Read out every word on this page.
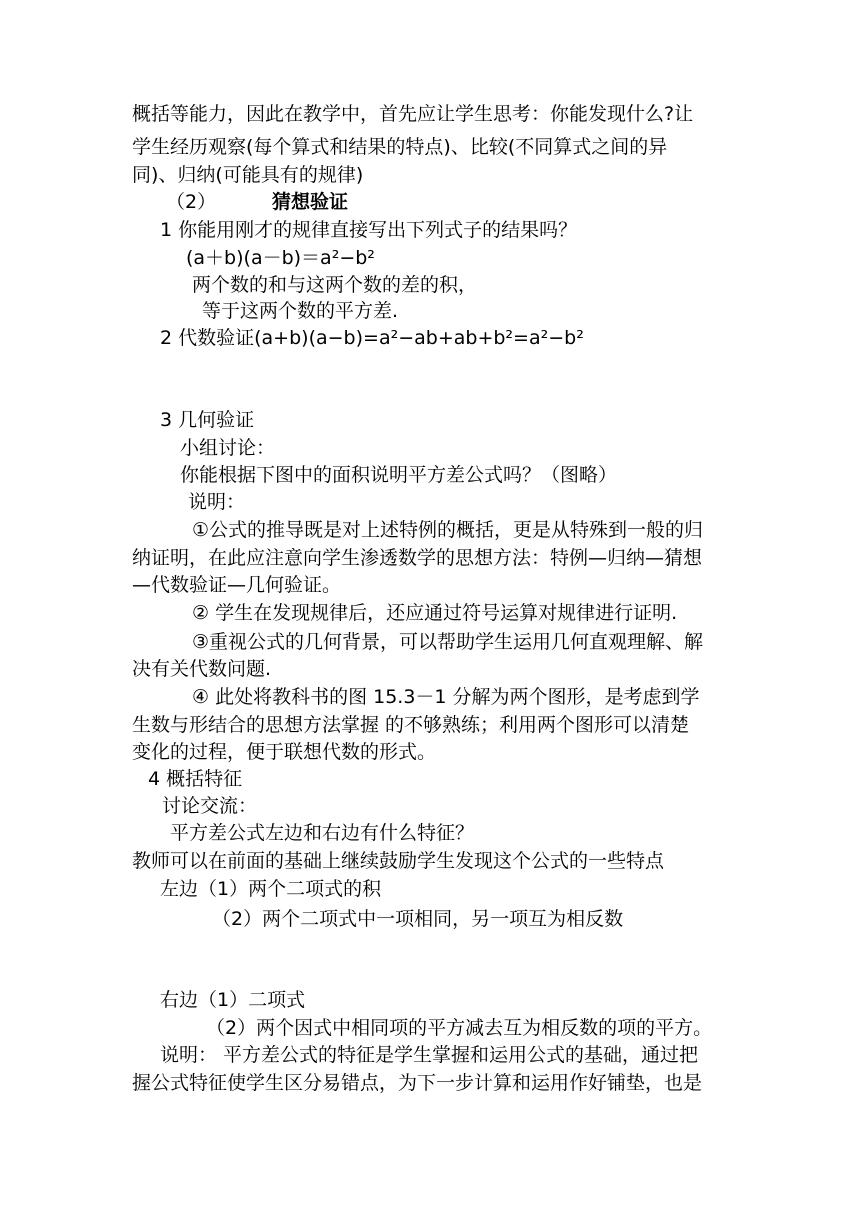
概括等能力，因此在教学中，首先应让学生思考：你能发现什么?让
学生经历观察(每个算式和结果的特点)、比较(不同算式之间的异
同)、归纳(可能具有的规律)
（2）	猜想验证
1 你能用刚才的规律直接写出下列式子的结果吗？
(a＋b)(a－b)＝a²−b²
两个数的和与这两个数的差的积，
等于这两个数的平方差.
2 代数验证(a+b)(a−b)=a²−ab+ab+b²=a²−b²
3 几何验证
小组讨论：
你能根据下图中的面积说明平方差公式吗？（图略）
说明：
①公式的推导既是对上述特例的概括，更是从特殊到一般的归
纳证明，在此应注意向学生渗透数学的思想方法：特例—归纳—猜想
—代数验证—几何验证。
② 学生在发现规律后，还应通过符号运算对规律进行证明.
③重视公式的几何背景，可以帮助学生运用几何直观理解、解
决有关代数问题.
④ 此处将教科书的图 15.3－1 分解为两个图形，是考虑到学
生数与形结合的思想方法掌握 的不够熟练；利用两个图形可以清楚
变化的过程，便于联想代数的形式。
4 概括特征
讨论交流：
平方差公式左边和右边有什么特征？
教师可以在前面的基础上继续鼓励学生发现这个公式的一些特点
左边（1）两个二项式的积
（2）两个二项式中一项相同，另一项互为相反数
右边（1）二项式
（2）两个因式中相同项的平方减去互为相反数的项的平方。
说明： 平方差公式的特征是学生掌握和运用公式的基础，通过把
握公式特征使学生区分易错点，为下一步计算和运用作好铺垫，也是
